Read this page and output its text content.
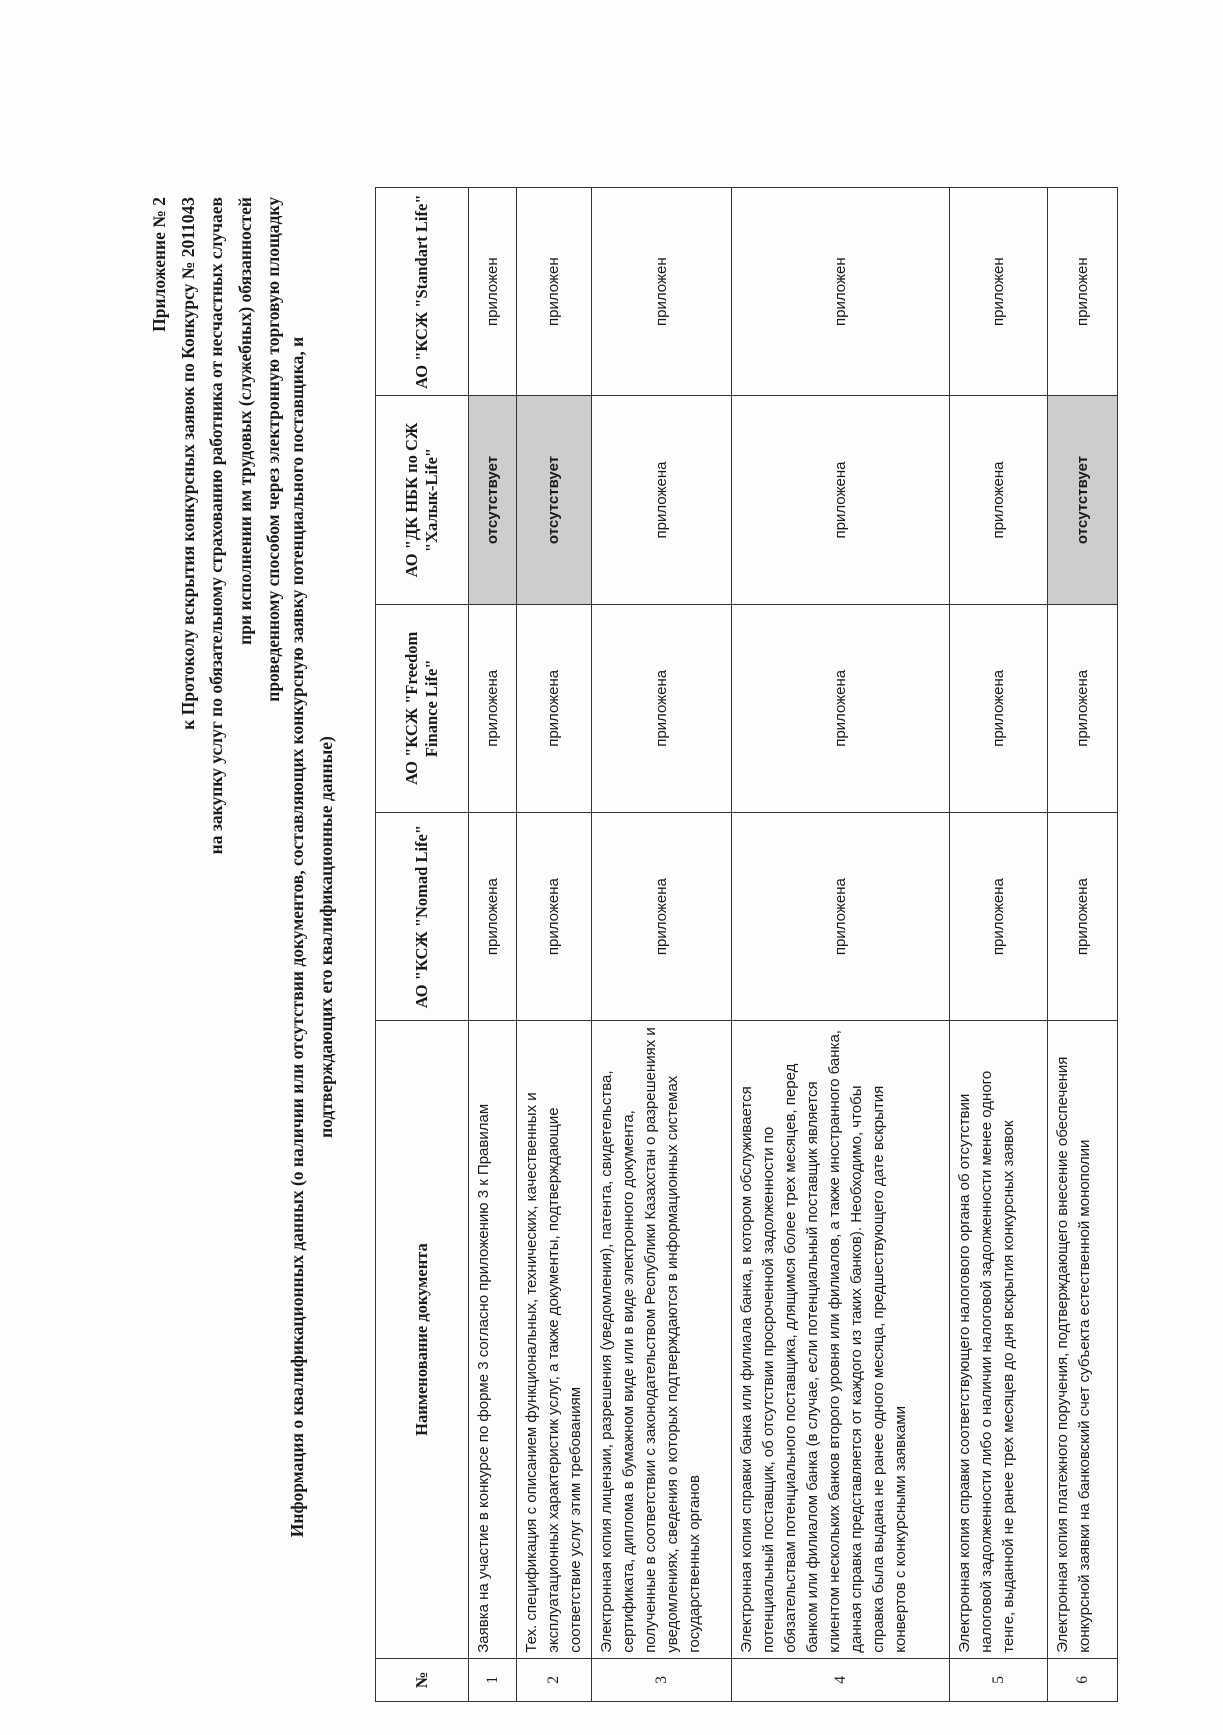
Приложение № 2 к Протоколу вскрытия конкурсных заявок по Конкурсу № 2011043 на закупку услуг по обязательному страхованию работника от несчастных случаев при исполнении им трудовых (служебных) обязанностей проведенному способом через электронную торговую площадку Информация о квалификационных данных (о наличии или отсутствии документов, составляющих конкурсную заявку потенциального поставщика, и подтверждающих его квалификационные данные)
№	Наименование документа	АО "КСЖ "Nomad Life"	АО "КСЖ "Freedom Finance Life"	АО "ДК НБК по СЖ "Халык-Life"	АО "КСЖ "Standart Life"
1	Заявка на участие в конкурсе по форме 3 согласно приложению 3 к Правилам	приложена	приложена	отсутствует	приложен
2	Тех. спецификация с описанием функциональных, технических, качественных и эксплуатационных характеристик услуг, а также документы, подтверждающие соответствие услуг этим требованиям	приложена	приложена	отсутствует	приложен
3	Электронная копия лицензии, разрешения (уведомления), патента, свидетельства, сертификата, диплома в бумажном виде или в виде электронного документа, полученные в соответствии с законодательством Республики Казахстан о разрешениях и уведомлениях, сведения о которых подтверждаются в информационных системах государственных органов	приложена	приложена	приложена	приложен
4	Электронная копия справки банка или филиала банка, в котором обслуживается потенциальный поставщик, об отсутствии просроченной задолженности по обязательствам потенциального поставщика, длящимся более трех месяцев, перед банком или филиалом банка (в случае, если потенциальный поставщик является клиентом нескольких банков второго уровня или филиалов, а также иностранного банка, данная справка представляется от каждого из таких банков). Необходимо, чтобы справка была выдана не ранее одного месяца, предшествующего дате вскрытия конвертов с конкурсными заявками	приложена	приложена	приложена	приложен
5	Электронная копия справки соответствующего налогового органа об отсутствии налоговой задолженности либо о наличии налоговой задолженности менее одного тенге, выданной не ранее трех месяцев до дня вскрытия конкурсных заявок	приложена	приложена	приложена	приложен
6	Электронная копия платежного поручения, подтверждающего внесение обеспечения конкурсной заявки на банковский счет субъекта естественной монополии	приложена	приложена	отсутствует	приложен
